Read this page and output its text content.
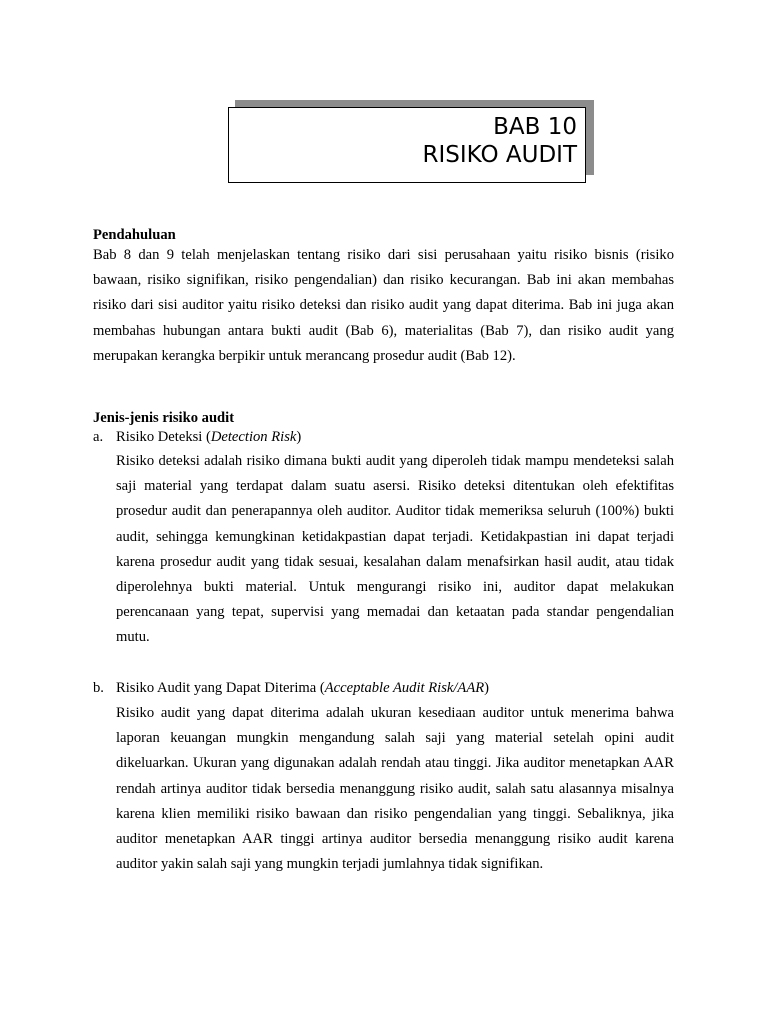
BAB 10
RISIKO AUDIT
Pendahuluan
Bab 8 dan 9 telah menjelaskan tentang risiko dari sisi perusahaan yaitu risiko bisnis (risiko bawaan, risiko signifikan, risiko pengendalian) dan risiko kecurangan. Bab ini akan membahas risiko dari sisi auditor yaitu risiko deteksi dan risiko audit yang dapat diterima. Bab ini juga akan membahas hubungan antara bukti audit (Bab 6), materialitas (Bab 7), dan risiko audit yang merupakan kerangka berpikir untuk merancang prosedur audit (Bab 12).
Jenis-jenis risiko audit
a. Risiko Deteksi (Detection Risk)
Risiko deteksi adalah risiko dimana bukti audit yang diperoleh tidak mampu mendeteksi salah saji material yang terdapat dalam suatu asersi. Risiko deteksi ditentukan oleh efektifitas prosedur audit dan penerapannya oleh auditor. Auditor tidak memeriksa seluruh (100%) bukti audit, sehingga kemungkinan ketidakpastian dapat terjadi. Ketidakpastian ini dapat terjadi karena prosedur audit yang tidak sesuai, kesalahan dalam menafsirkan hasil audit, atau tidak diperolehnya bukti material. Untuk mengurangi risiko ini, auditor dapat melakukan perencanaan yang tepat, supervisi yang memadai dan ketaatan pada standar pengendalian mutu.
b. Risiko Audit yang Dapat Diterima (Acceptable Audit Risk/AAR)
Risiko audit yang dapat diterima adalah ukuran kesediaan auditor untuk menerima bahwa laporan keuangan mungkin mengandung salah saji yang material setelah opini audit dikeluarkan. Ukuran yang digunakan adalah rendah atau tinggi. Jika auditor menetapkan AAR rendah artinya auditor tidak bersedia menanggung risiko audit, salah satu alasannya misalnya karena klien memiliki risiko bawaan dan risiko pengendalian yang tinggi. Sebaliknya, jika auditor menetapkan AAR tinggi artinya auditor bersedia menanggung risiko audit karena auditor yakin salah saji yang mungkin terjadi jumlahnya tidak signifikan.
